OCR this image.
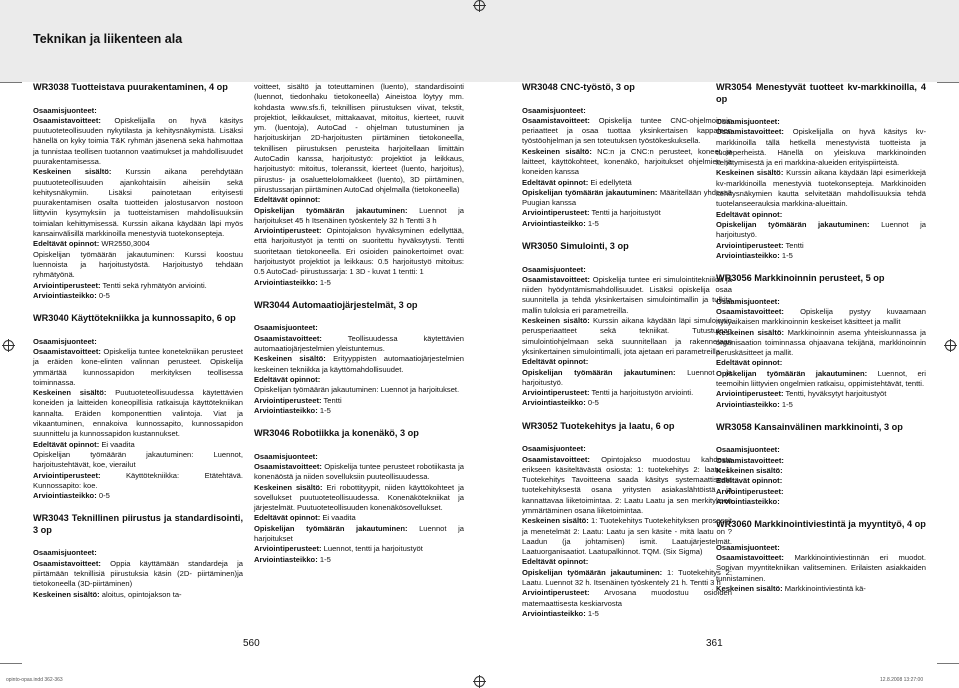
Teknikan ja liikenteen ala

WR3038 Tuotteistava puurakentaminen, 4 op

Osaamisjuonteet:

Osaamistavoitteet: Opiskelijalla on hyvä käsitys puutuoteteollisuuden nykytilasta ja kehitysnäkymistä. Lisäksi hänellä on kyky toimia T&K ryhmän jäsenenä sekä hahmottaa ja tunnistaa teollisen tuotannon vaatimukset ja mahdollisuudet puurakentamisessa.

Keskeinen sisältö: Kurssin aikana perehdytään puutuoteteollisuuden ajankohtaisiin aiheisiin sekä kehitysnäkymiin. Lisäksi painotetaan erityisesti puurakentamisen osalta tuotteiden jalostusarvon nostoon liittyviin kysymyksiin ja tuotteistamisen mahdollisuuksiin toimialan kehittymisessä. Kurssin aikana käydään läpi myös kansainvälisillä markkinoilla menestyviä tuotekonsepteja.

Edeltävät opinnot: WR2550,3004

Opiskelijan työmäärän jakautuminen: Kurssi koostuu luennoista ja harjoitustyöstä. Harjoitustyö tehdään ryhmätyönä.

Arviointiperusteet: Tentti sekä ryhmätyön arviointi.

Arviointiasteikko: 0-5

WR3040 Käyttötekniikka ja kunnossapito, 6 op

Osaamisjuonteet:

Osaamistavoitteet: Opiskelija tuntee konetekniikan perusteet ja eräiden kone-elinten valinnan perusteet. Opiskelija ymmärtää kunnossapidon merkityksen teollisessa toiminnassa.

Keskeinen sisältö: Puutuoteteollisuudessa käytettävien koneiden ja laitteiden koneopillisia ratkaisuja käyttötekniikan kannalta. Eräiden komponenttien valintoja. Viat ja vikaantuminen, ennakoiva kunnossapito, kunnossapidon suunnittelu ja kunnossapidon kustannukset.

Edeltävät opinnot: Ei vaadita

Opiskelijan työmäärän jakautuminen: Luennot, harjoitustehtävät, koe, vierailut

Arviointiperusteet: Käyttötekniikka: Etätehtävä. Kunnossapito: koe.

Arviointiasteikko: 0-5

WR3043 Teknillinen piirustus ja standardisointi, 3 op

Osaamisjuonteet:

Osaamistavoitteet: Oppia käyttämään standardeja ja piirtämään teknillisiä piirustuksia käsin (2D- piirtäminen)ja tietokoneella (3D-piirtäminen)

Keskeinen sisältö: aloitus, opintojakson ta-

voitteet, sisältö ja toteuttaminen (luento), standardisointi (luennot, tiedonhaku tietokoneella) Aineistoa löytyy mm. kohdasta www.sfs.fi, teknillisen piirustuksen viivat, tekstit, projektiot, leikkaukset, mittakaavat, mitoitus, kierteet, ruuvit ym. (luentoja), AutoCad - ohjelman tutustuminen ja harjoituskirjan 2D-harjoitusten piirtäminen tietokoneella, teknillisen piirustuksen perusteita harjoitellaan limittäin AutoCadin kanssa, harjoitustyö: projektiot ja leikkaus, harjoitustyö: mitoitus, toleranssit, kierteet (luento, harjoitus), piirustus- ja osaluettelolomakkeet (luento), 3D piirtäminen, piirustussarjan piirtäminen AutoCad ohjelmalla (tietokoneella)

Edeltävät opinnot:

Opiskelijan työmäärän jakautuminen: Luennot ja harjoitukset 45 h Itsenäinen työskentely 32 h Tentti 3 h

Arviointiperusteet: Opintojakson hyväksyminen edellyttää, että harjoitustyöt ja tentti on suoritettu hyväksytysti. Tentti suoritetaan tietokoneella. Eri osioiden painokertoimet ovat: harjoitustyöt projektiot ja leikkaus: 0.5 harjoitustyö mitoitus: 0.5 AutoCad- piirustussarja: 1 3D - kuvat 1 tentti: 1

Arviointiasteikko: 1-5

WR3044 Automaatiojärjestelmät, 3 op

Osaamisjuonteet:

Osaamistavoitteet: Teollisuudessa käytettävien automaatiojärjestelmien yleistuntemus.

Keskeinen sisältö: Erityyppisten automaatiojärjestelmien keskeinen tekniikka ja käyttömahdollisuudet.

Edeltävät opinnot:

Opiskelijan työmäärän jakautuminen: Luennot ja harjoitukset.

Arviointiperusteet: Tentti

Arviointiasteikko: 1-5

WR3046 Robotiikka ja konenäkö, 3 op

Osaamisjuonteet:

Osaamistavoitteet: Opiskelija tuntee perusteet robotiikasta ja konenäöstä ja niiden sovelluksiin puuteollisuudessa.

Keskeinen sisältö: Eri robottityypit, niiden käyttökohteet ja sovellukset puutuoteteollisuudessa. Konenäkötekniikat ja järjestelmät. Puutuoteteollisuuden konenäkösovellukset.

Edeltävät opinnot: Ei vaadita

Opiskelijan työmäärän jakautuminen: Luennot ja harjoitukset

Arviointiperusteet: Luennot, tentti ja harjoitustyöt

Arviointiasteikko: 1-5

WR3048 CNC-työstö, 3 op

Osaamisjuonteet:

Osaamistavoitteet: Opiskelija tuntee CNC-ohjelmoinnin periaatteet ja osaa tuottaa yksinkertaisen kappaleen työstöohjelman ja sen toteutuksen työstökeskuksella.

Keskeinen sisältö: NC:n ja CNC:n perusteet, koneet ja laitteet, käyttökohteet, konenäkö, harjoitukset ohjelmien ja koneiden kanssa

Edeltävät opinnot: Ei edellytetä

Opiskelijan työmäärän jakautuminen: Määritellään yhdessä Puugian kanssa

Arviointiperusteet: Tentti ja harjoitustyöt

Arviointiasteikko: 1-5

WR3050 Simulointi, 3 op

Osaamisjuonteet:

Osaamistavoitteet: Opiskelija tuntee eri simulointitekniikat ja niiden hyödyntämismahdollisuudet. Lisäksi opiskelija osaa suunnitella ja tehdä yksinkertaisen simulointimallin ja tulkita mallin tuloksia eri parametreilla.

Keskeinen sisältö: Kurssin aikana käydään läpi simuloinnin perusperiaatteet sekä tekniikat. Tutustutaan simulointiohjelmaan sekä suunnitellaan ja rakennetaan yksinkertainen simulointimalli, jota ajetaan eri parametreilla.

Edeltävät opinnot:

Opiskelijan työmäärän jakautuminen: Luennot ja harjoitustyö.

Arviointiperusteet: Tentti ja harjoitustyön arviointi.

Arviointiasteikko: 0-5

WR3052 Tuotekehitys ja laatu, 6 op

Osaamisjuonteet:

Osaamistavoitteet: Opintojakso muodostuu kahdesta erikseen käsiteltävästä osiosta: 1: tuotekehitys 2: laatu 1: Tuotekehitys Tavoitteena saada käsitys systemaattisesta tuotekehityksestä osana yritysten asiakaslähtöistä ja kannattavaa liiketoimintaa. 2: Laatu Laatu ja sen merkityksen ymmärtäminen osana liiketoimintaa.

Keskeinen sisältö: 1: Tuotekehitys Tuotekehityksen prosessit ja menetelmät 2: Laatu: Laatu ja sen käsite - mitä laatu on ? Laadun (ja johtamisen) ismit. Laatujärjestelmät. Laatuorganisaatiot. Laatupalkinnot. TQM. (Six Sigma)

Edeltävät opinnot:

Opiskelijan työmäärän jakautuminen: 1: Tuotekehitys 2: Laatu. Luennot 32 h. Itsenäinen työskentely 21 h. Tentti 3 h

Arviointiperusteet: Arvosana muodostuu osioiden matemaattisesta keskiarvosta

Arviointiasteikko: 1-5

WR3054 Menestyvät tuotteet kv-markkinoilla, 4 op

Osaamisjuonteet:

Osaamistavoitteet: Opiskelijalla on hyvä käsitys kv-markkinoilla tällä hetkellä menestyvistä tuotteista ja tuoteperheistä. Hänellä on yleiskuva markkinoinden kehittymisestä ja eri markkina-alueiden erityispiirteistä.

Keskeinen sisältö: Kurssin aikana käydään läpi esimerkkejä kv-markkinoilla menestyviä tuotekonsepteja. Markkinoiden kehitysnäkymien kautta selvitetään mahdollisuuksia tehdä tuotelanseerauksia markkina-alueittain.

Edeltävät opinnot:

Opiskelijan työmäärän jakautuminen: Luennot ja harjoitustyö.

Arviointiperusteet: Tentti

Arviointiasteikko: 1-5

WR3056 Markkinoinnin perusteet, 5 op

Osaamisjuonteet:

Osaamistavoitteet: Opiskelija pystyy kuvaamaan nykyaikaisen markkinoinnin keskeiset käsitteet ja mallit

Keskeinen sisältö: Markkinoinnin asema yhteiskunnassa ja organisaation toiminnassa ohjaavana tekijänä, markkinoinnin peruskäsitteet ja mallit.

Edeltävät opinnot:

Opiskelijan työmäärän jakautuminen: Luennot, eri teemoihin liittyvien ongelmien ratkaisu, oppimistehtävät, tentti.

Arviointiperusteet: Tentti, hyväksytyt harjoitustyöt

Arviointiasteikko: 1-5

WR3058 Kansainvälinen markkinointi, 3 op

Osaamisjuonteet:

Osaamistavoitteet:

Keskeinen sisältö:

Edeltävät opinnot:

Arviointiperusteet:

Arviointiasteikko:

WR3060 Markkinointiviestintä ja myyntityö, 4 op

Osaamisjuonteet:

Osaamistavoitteet: Markkinointiviestinnän eri muodot. Sopivan myyntitekniikan valitseminen. Erilaisten asiakkaiden tunnistaminen.

Keskeinen sisältö: Markkinointiviestintä kä-

560	361
opinto-opas.indd 362-363	12.8.2008 13:27:00
